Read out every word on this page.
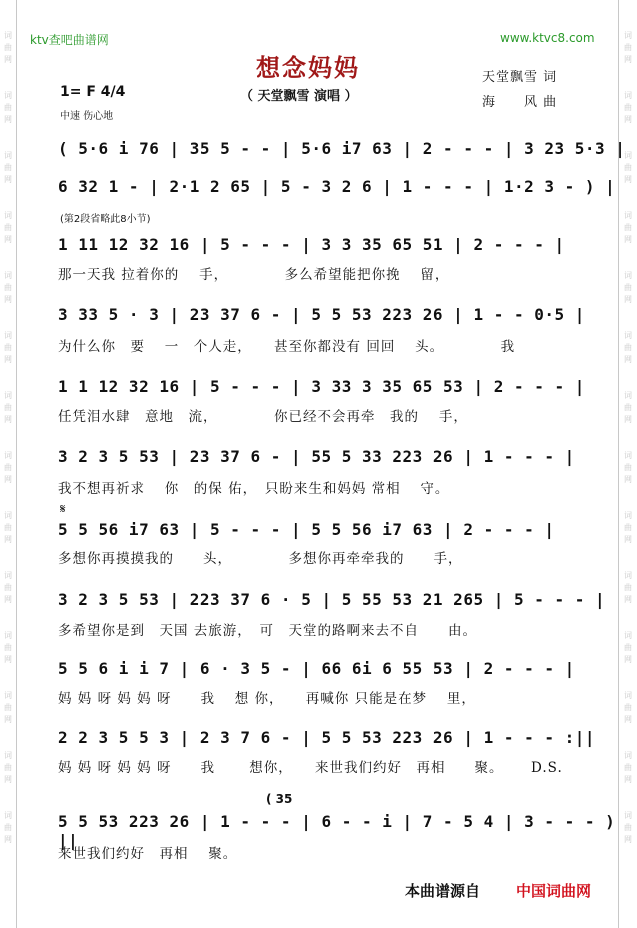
词
曲
网

词
曲
网

词
曲
网

词
曲
网

词
曲
网

词
曲
网

词
曲
网

词
曲
网

词
曲
网

词
曲
网

词
曲
网

词
曲
网

词
曲
网

词
曲
网
词
曲
网

词
曲
网

词
曲
网

词
曲
网

词
曲
网

词
曲
网

词
曲
网

词
曲
网

词
曲
网

词
曲
网

词
曲
网

词
曲
网

词
曲
网

词
曲
网
ktv查吧曲谱网	www.ktvc8.com
想念妈妈
（ 天堂飘雪 演唱 ）
天堂飘雪 词
海　　风 曲
1= F 4/4
中速 伤心地
( 5·6 i 76 | 35 5 - - | 5·6 i7 63 | 2 - - - | 3 23 5·3 |
6 32 1 - | 2·1 2 65 | 5 - 3 2 6 | 1 - - - | 1·2 3 - ) |
(第2段省略此8小节)
1 11 12 32 16 | 5 - - - | 3 3 35 65 51 | 2 - - - |
那一天我 拉着你的　 手，　　　　 多么希望能把你挽　 留，
3 33 5 · 3 | 23 37 6 - | 5 5 53 223 26 | 1 - - 0·5 |
为什么你　要　 一　个人走，　　甚至你都没有 回回　 头。　　　　 我
1 1 12 32 16 | 5 - - - | 3 33 3 35 65 53 | 2 - - - |
任凭泪水肆　意地　流，　　　　 你已经不会再牵　我的　 手，
3 2 3 5 53 | 23 37 6 - | 55 5 33 223 26 | 1 - - - |
我不想再祈求　 你　的保 佑，　只盼来生和妈妈 常相　 守。
𝄋
5 5 56 i7 63 | 5 - - - | 5 5 56 i7 63 | 2 - - - |
多想你再摸摸我的　　头，　　　　 多想你再牵牵我的　　手，
3 2 3 5 53 | 223 37 6 · 5 | 5 55 53 21 265 | 5 - - - |
多希望你是到　天国 去旅游，　可　天堂的路啊来去不自　　由。
5 5 6 i i 7 | 6 · 3 5 - | 66 6i 6 55 53 | 2 - - - |
妈 妈 呀 妈 妈 呀　　我　 想 你，　　再喊你 只能是在梦　 里，
2 2 3 5 5 3 | 2 3 7 6 - | 5 5 53 223 26 | 1 - - - :||
妈 妈 呀 妈 妈 呀　　我　　 想你，　　来世我们约好　再相　　聚。　　 D.S.
( 35
5 5 53 223 26 | 1 - - - | 6 - - i | 7 - 5 4 | 3 - - - ) ||
来世我们约好　再相　 聚。
本曲谱源自 中国词曲网
